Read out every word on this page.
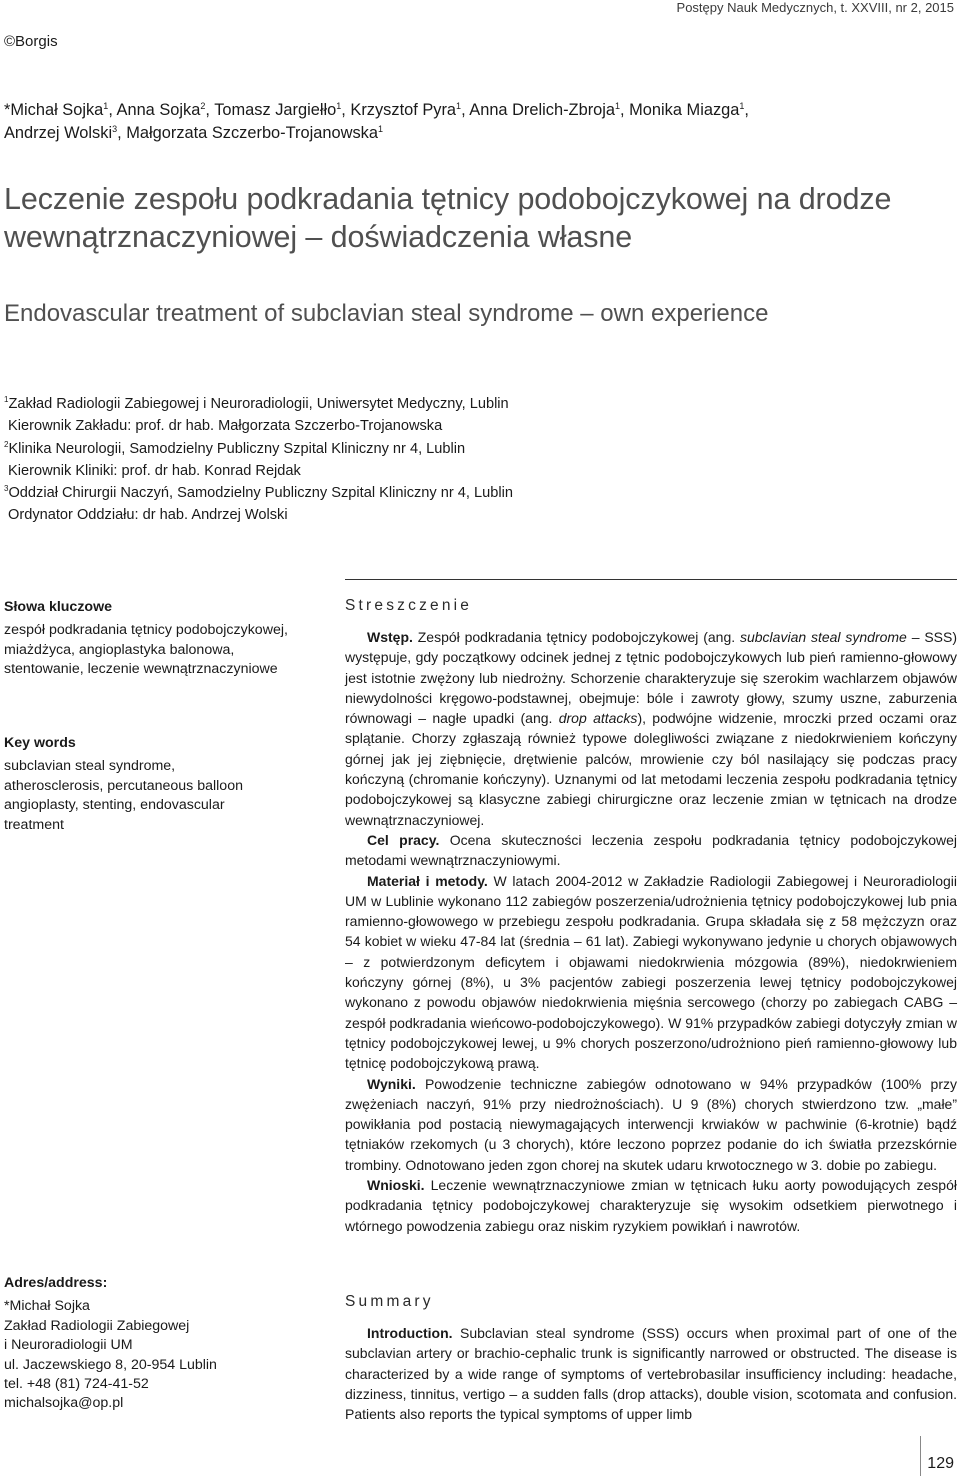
Postępy Nauk Medycznych, t. XXVIII, nr 2, 2015
©Borgis
*Michał Sojka$^1$, Anna Sojka$^2$, Tomasz Jargiełło$^1$, Krzysztof Pyra$^1$, Anna Drelich-Zbroja$^1$, Monika Miazga$^1$,
Andrzej Wolski$^3$, Małgorzata Szczerbo-Trojanowska$^1$
Leczenie zespołu podkradania tętnicy podobojczykowej na drodze
wewnątrznaczyniowej – doświadczenia własne
Endovascular treatment of subclavian steal syndrome – own experience
$^1$Zakład Radiologii Zabiegowej i Neuroradiologii, Uniwersytet Medyczny, Lublin
Kierownik Zakładu: prof. dr hab. Małgorzata Szczerbo-Trojanowska
$^2$Klinika Neurologii, Samodzielny Publiczny Szpital Kliniczny nr 4, Lublin
Kierownik Kliniki: prof. dr hab. Konrad Rejdak
$^3$Oddział Chirurgii Naczyń, Samodzielny Publiczny Szpital Kliniczny nr 4, Lublin
Ordynator Oddziału: dr hab. Andrzej Wolski
Słowa kluczowe
zespół podkradania tętnicy podobojczykowej, miażdżyca, angioplastyka balonowa, stentowanie, leczenie wewnątrznaczyniowe
Key words
subclavian steal syndrome, atherosclerosis, percutaneous balloon angioplasty, stenting, endovascular treatment
Adres/address:
*Michał Sojka
Zakład Radiologii Zabiegowej
i Neuroradiologii UM
ul. Jaczewskiego 8, 20-954 Lublin
tel. +48 (81) 724-41-52
michalsojka@op.pl
Streszczenie

Wstęp. Zespół podkradania tętnicy podobojczykowej (ang. subclavian steal syndrome – SSS) występuje, gdy początkowy odcinek jednej z tętnic podobojczykowych lub pień ramienno-głowowy jest istotnie zwężony lub niedrożny. Schorzenie charakteryzuje się szerokim wachlarzem objawów niewydolności kręgowo-podstawnej, obejmuje: bóle i zawroty głowy, szumy uszne, zaburzenia równowagi – nagłe upadki (ang. drop attacks), podwójne widzenie, mroczki przed oczami oraz splątanie. Chorzy zgłaszają również typowe dolegliwości związane z niedokrwieniem kończyny górnej jak jej ziębnięcie, drętwienie palców, mrowienie czy ból nasilający się podczas pracy kończyną (chromanie kończyny). Uznanymi od lat metodami leczenia zespołu podkradania tętnicy podobojczykowej są klasyczne zabiegi chirurgiczne oraz leczenie zmian w tętnicach na drodze wewnątrznaczyniowej.

Cel pracy. Ocena skuteczności leczenia zespołu podkradania tętnicy podobojczykowej metodami wewnątrznaczyniowymi.

Materiał i metody. W latach 2004-2012 w Zakładzie Radiologii Zabiegowej i Neuroradiologii UM w Lublinie wykonano 112 zabiegów poszerzenia/udrożnienia tętnicy podobojczykowej lub pnia ramienno-głowowego w przebiegu zespołu podkradania. Grupa składała się z 58 mężczyzn oraz 54 kobiet w wieku 47-84 lat (średnia – 61 lat). Zabiegi wykonywano jedynie u chorych objawowych – z potwierdzonym deficytem i objawami niedokrwienia mózgowia (89%), niedokrwieniem kończyny górnej (8%), u 3% pacjentów zabiegi poszerzenia lewej tętnicy podobojczykowej wykonano z powodu objawów niedokrwienia mięśnia sercowego (chorzy po zabiegach CABG – zespół podkradania wieńcowo-podobojczykowego). W 91% przypadków zabiegi dotyczyły zmian w tętnicy podobojczykowej lewej, u 9% chorych poszerzono/udrożniono pień ramienno-głowowy lub tętnicę podobojczykową prawą.

Wyniki. Powodzenie techniczne zabiegów odnotowano w 94% przypadków (100% przy zwężeniach naczyń, 91% przy niedrożnościach). U 9 (8%) chorych stwierdzono tzw. „małe” powikłania pod postacią niewymagających interwencji krwiaków w pachwinie (6-krotnie) bądź tętniaków rzekomych (u 3 chorych), które leczono poprzez podanie do ich światła przezskórnie trombiny. Odnotowano jeden zgon chorej na skutek udaru krwotocznego w 3. dobie po zabiegu.

Wnioski. Leczenie wewnątrznaczyniowe zmian w tętnicach łuku aorty powodujących zespół podkradania tętnicy podobojczykowej charakteryzuje się wysokim odsetkiem pierwotnego i wtórnego powodzenia zabiegu oraz niskim ryzykiem powikłań i nawrotów.

Summary

Introduction. Subclavian steal syndrome (SSS) occurs when proximal part of one of the subclavian artery or brachio-cephalic trunk is significantly narrowed or obstructed. The disease is characterized by a wide range of symptoms of vertebrobasilar insufficiency including: headache, dizziness, tinnitus, vertigo – a sudden falls (drop attacks), double vision, scotomata and confusion. Patients also reports the typical symptoms of upper limb

129
